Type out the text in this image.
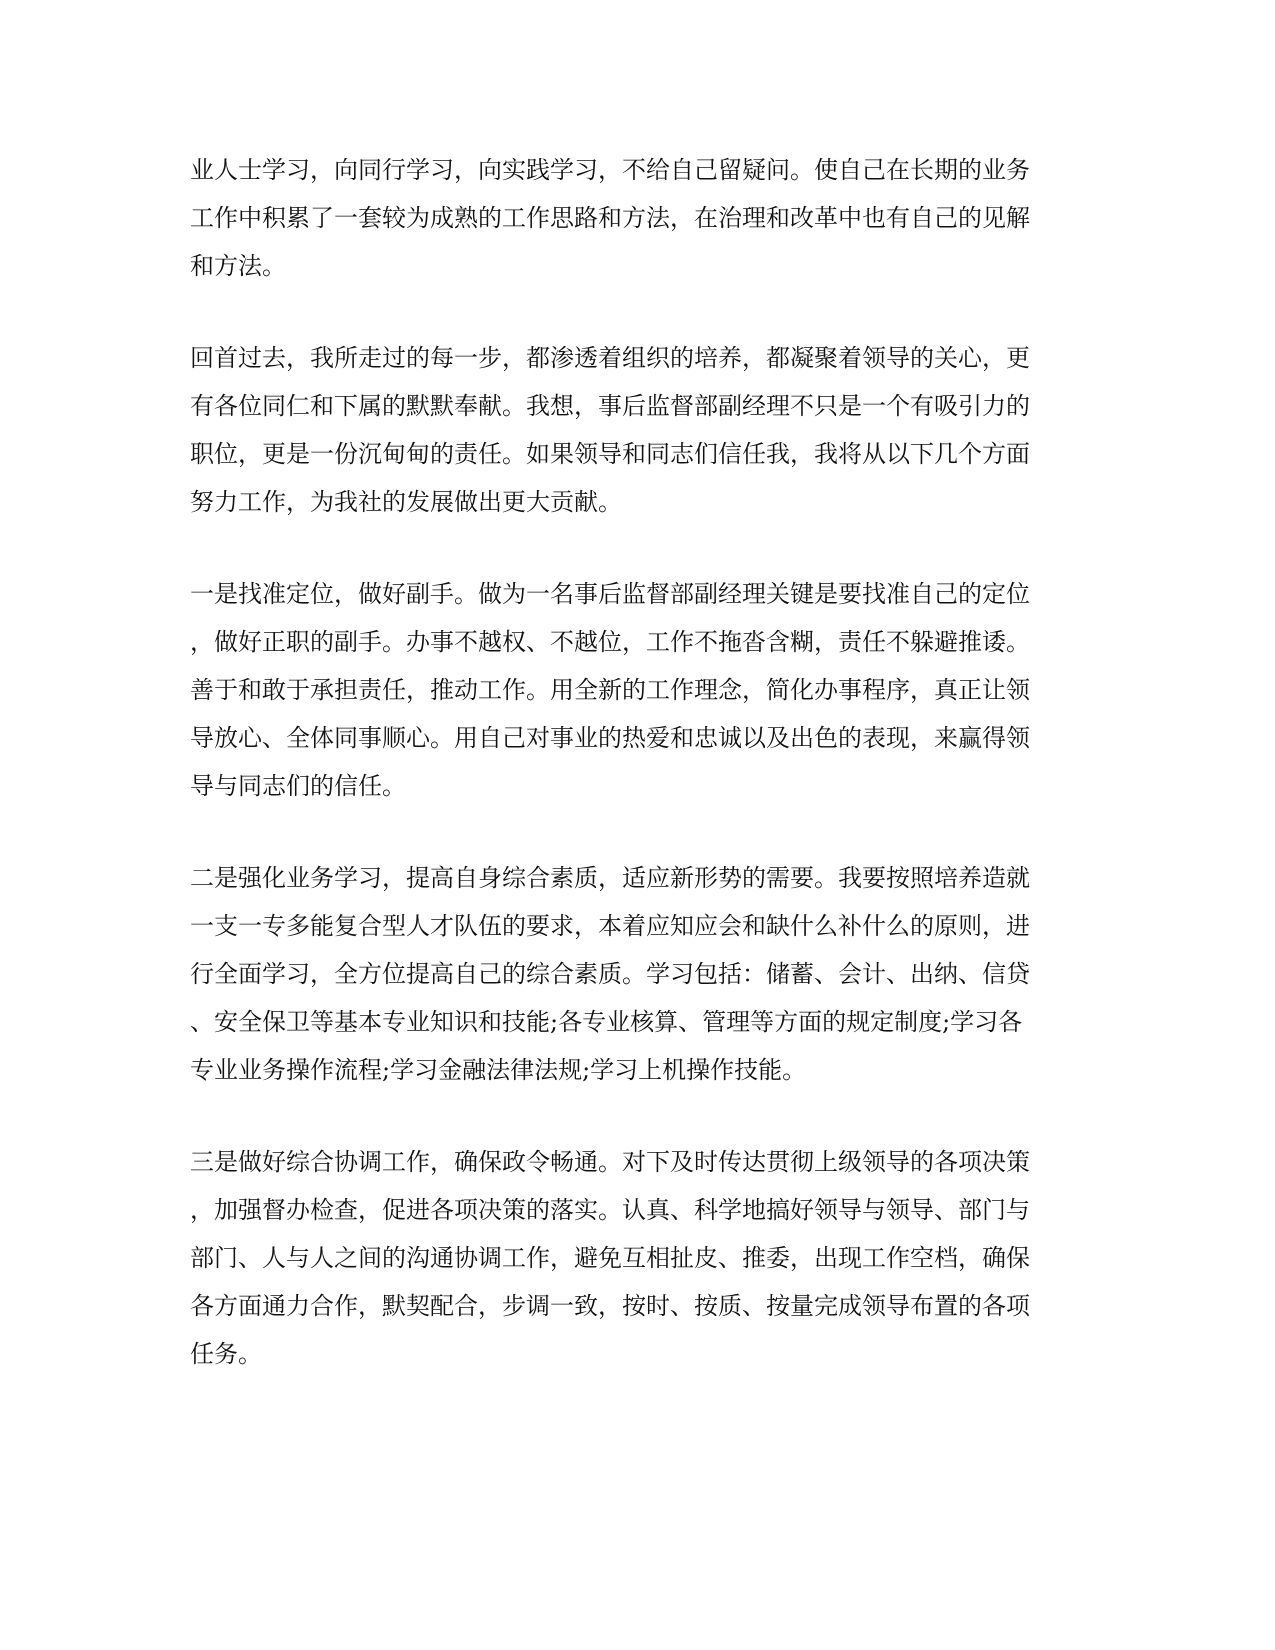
业人士学习，向同行学习，向实践学习，不给自己留疑问。使自己在长期的业务
工作中积累了一套较为成熟的工作思路和方法，在治理和改革中也有自己的见解
和方法。

回首过去，我所走过的每一步，都渗透着组织的培养，都凝聚着领导的关心，更
有各位同仁和下属的默默奉献。我想，事后监督部副经理不只是一个有吸引力的
职位，更是一份沉甸甸的责任。如果领导和同志们信任我，我将从以下几个方面
努力工作，为我社的发展做出更大贡献。

一是找准定位，做好副手。做为一名事后监督部副经理关键是要找准自己的定位
，做好正职的副手。办事不越权、不越位，工作不拖沓含糊，责任不躲避推诿。
善于和敢于承担责任，推动工作。用全新的工作理念，简化办事程序，真正让领
导放心、全体同事顺心。用自己对事业的热爱和忠诚以及出色的表现，来赢得领
导与同志们的信任。

二是强化业务学习，提高自身综合素质，适应新形势的需要。我要按照培养造就
一支一专多能复合型人才队伍的要求，本着应知应会和缺什么补什么的原则，进
行全面学习，全方位提高自己的综合素质。学习包括：储蓄、会计、出纳、信贷
、安全保卫等基本专业知识和技能;各专业核算、管理等方面的规定制度;学习各
专业业务操作流程;学习金融法律法规;学习上机操作技能。

三是做好综合协调工作，确保政令畅通。对下及时传达贯彻上级领导的各项决策
，加强督办检查，促进各项决策的落实。认真、科学地搞好领导与领导、部门与
部门、人与人之间的沟通协调工作，避免互相扯皮、推委，出现工作空档，确保
各方面通力合作，默契配合，步调一致，按时、按质、按量完成领导布置的各项
任务。
